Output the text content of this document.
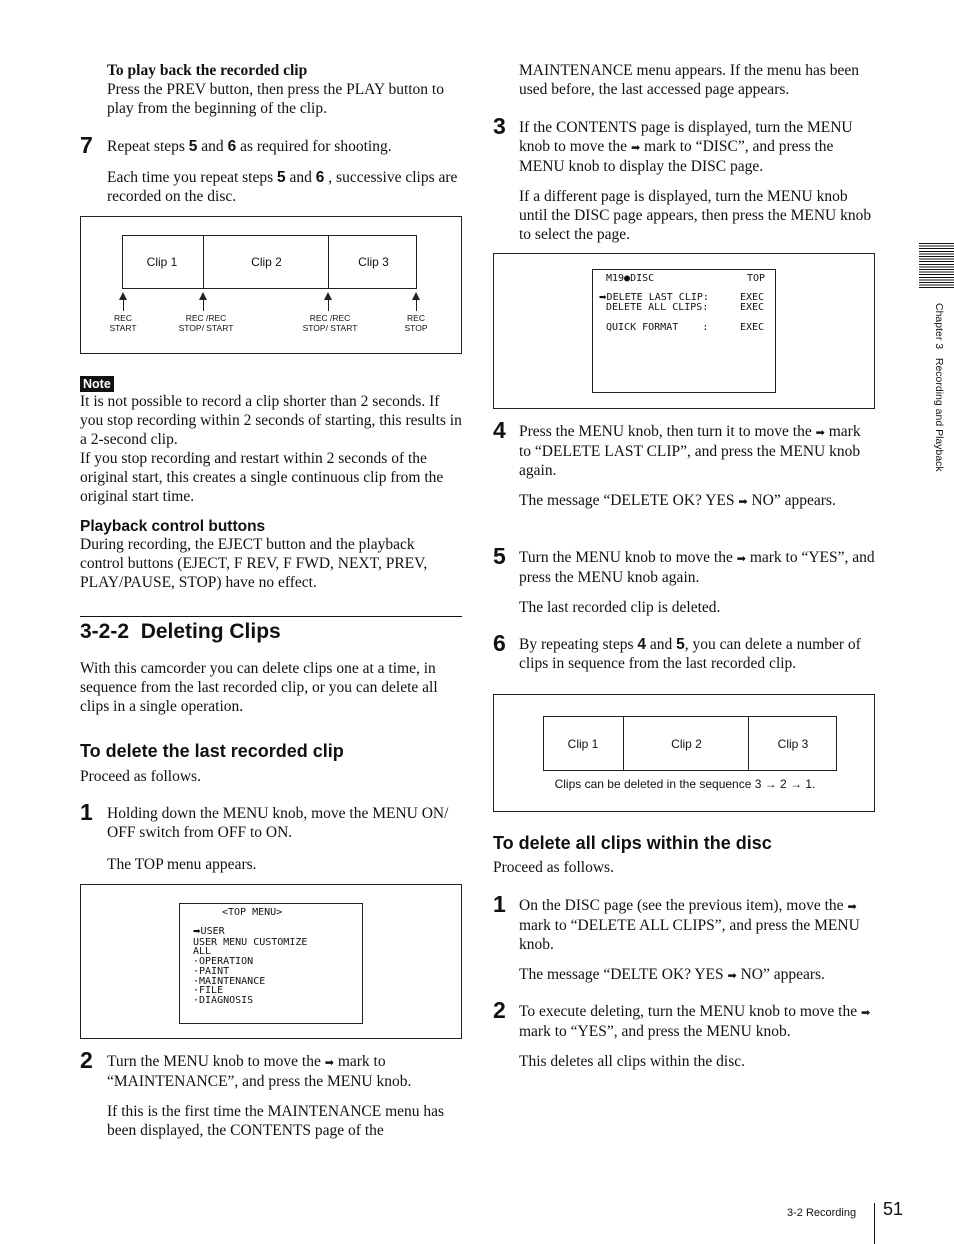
To play back the recorded clip
Press the PREV button, then press the PLAY button to play from the beginning of the clip.
7 Repeat steps 5 and 6 as required for shooting.
Each time you repeat steps 5 and 6 , successive clips are recorded on the disc.
Clip 1	Clip 2	Clip 3
REC
START
REC /REC
STOP/ START
REC /REC
STOP/ START
REC
STOP
Note
It is not possible to record a clip shorter than 2 seconds. If you stop recording within 2 seconds of starting, this results in a 2-second clip.
If you stop recording and restart within 2 seconds of the original start, this creates a single continuous clip from the original start time.
Playback control buttons
During recording, the EJECT button and the playback control buttons (EJECT, F REV, F FWD, NEXT, PREV, PLAY/PAUSE, STOP) have no effect.
3-2-2  Deleting Clips
With this camcorder you can delete clips one at a time, in sequence from the last recorded clip, or you can delete all clips in a single operation.
To delete the last recorded clip
Proceed as follows.
1 Holding down the MENU knob, move the MENU ON/ OFF switch from OFF to ON.
The TOP menu appears.
<TOP MENU>
➡USER
USER MENU CUSTOMIZE
ALL
·OPERATION
·PAINT
·MAINTENANCE
·FILE
·DIAGNOSIS
2 Turn the MENU knob to move the ➡ mark to “MAINTENANCE”, and press the MENU knob.
If this is the first time the MAINTENANCE menu has been displayed, the CONTENTS page of the
MAINTENANCE menu appears. If the menu has been used before, the last accessed page appears.
3 If the CONTENTS page is displayed, turn the MENU knob to move the ➡ mark to “DISC”, and press the MENU knob to display the DISC page.
If a different page is displayed, turn the MENU knob until the DISC page appears, then press the MENU knob to select the page.
M19●DISC	TOP
➡DELETE LAST CLIP:	EXEC
DELETE ALL CLIPS:	EXEC
QUICK FORMAT    :	EXEC
4 Press the MENU knob, then turn it to move the ➡ mark to “DELETE LAST CLIP”, and press the MENU knob again.
The message “DELETE OK? YES ➡ NO” appears.
5 Turn the MENU knob to move the ➡ mark to “YES”, and press the MENU knob again.
The last recorded clip is deleted.
6 By repeating steps 4 and 5, you can delete a number of clips in sequence from the last recorded clip.
Clip 1	Clip 2	Clip 3
Clips can be deleted in the sequence 3 → 2 → 1.
To delete all clips within the disc
Proceed as follows.
1 On the DISC page (see the previous item), move the ➡ mark to “DELETE ALL CLIPS”, and press the MENU knob.
The message “DELTE OK? YES ➡ NO” appears.
2 To execute deleting, turn the MENU knob to move the ➡ mark to “YES”, and press the MENU knob.
This deletes all clips within the disc.
Chapter 3   Recording and Playback
3-2 Recording 51
